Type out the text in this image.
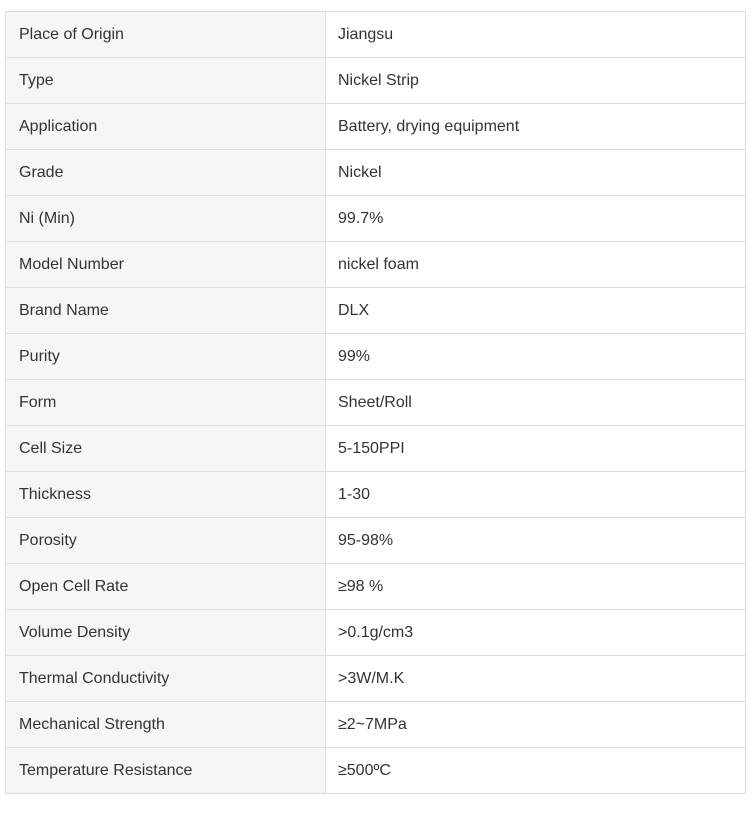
Place of Origin	Jiangsu
Type	Nickel Strip
Application	Battery, drying equipment
Grade	Nickel
Ni (Min)	99.7%
Model Number	nickel foam
Brand Name	DLX
Purity	99%
Form	Sheet/Roll
Cell Size	5-150PPI
Thickness	1-30
Porosity	95-98%
Open Cell Rate	≥98 %
Volume Density	>0.1g/cm3
Thermal Conductivity	>3W/M.K
Mechanical Strength	≥2~7MPa
Temperature Resistance	≥500ºC
